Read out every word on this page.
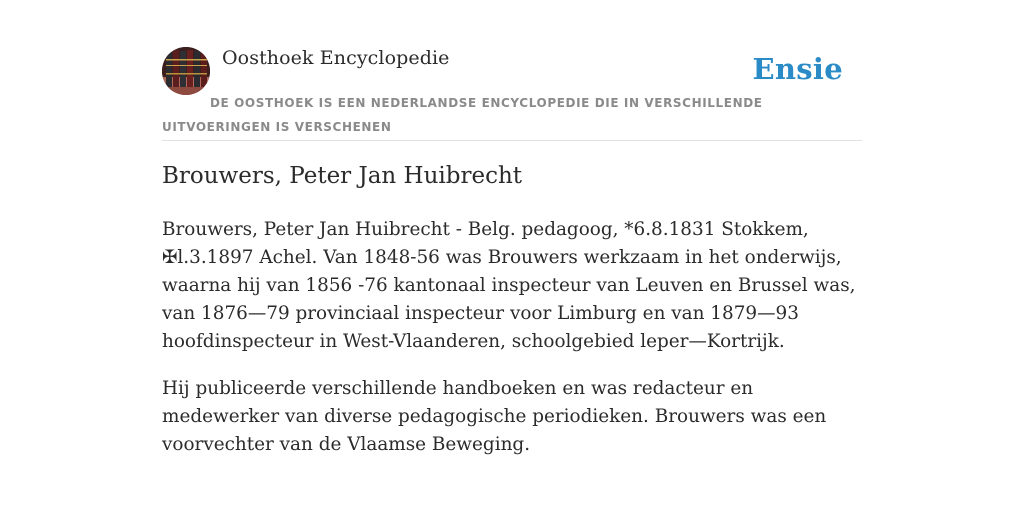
Oosthoek Encyclopedie	Ensie
DE OOSTHOEK IS EEN NEDERLANDSE ENCYCLOPEDIE DIE IN VERSCHILLENDE UITVOERINGEN IS VERSCHENEN
Brouwers, Peter Jan Huibrecht

Brouwers, Peter Jan Huibrecht - Belg. pedagoog, *6.8.1831 Stokkem, ✠l.3.1897 Achel. Van 1848-56 was Brouwers werkzaam in het onderwijs, waarna hij van 1856 -76 kantonaal inspecteur van Leuven en Brussel was, van 1876—79 provinciaal inspecteur voor Limburg en van 1879—93 hoofdinspecteur in West-Vlaanderen, schoolgebied leper—Kortrijk.

Hij publiceerde verschillende handboeken en was redacteur en medewerker van diverse pedagogische periodieken. Brouwers was een voorvechter van de Vlaamse Beweging.
